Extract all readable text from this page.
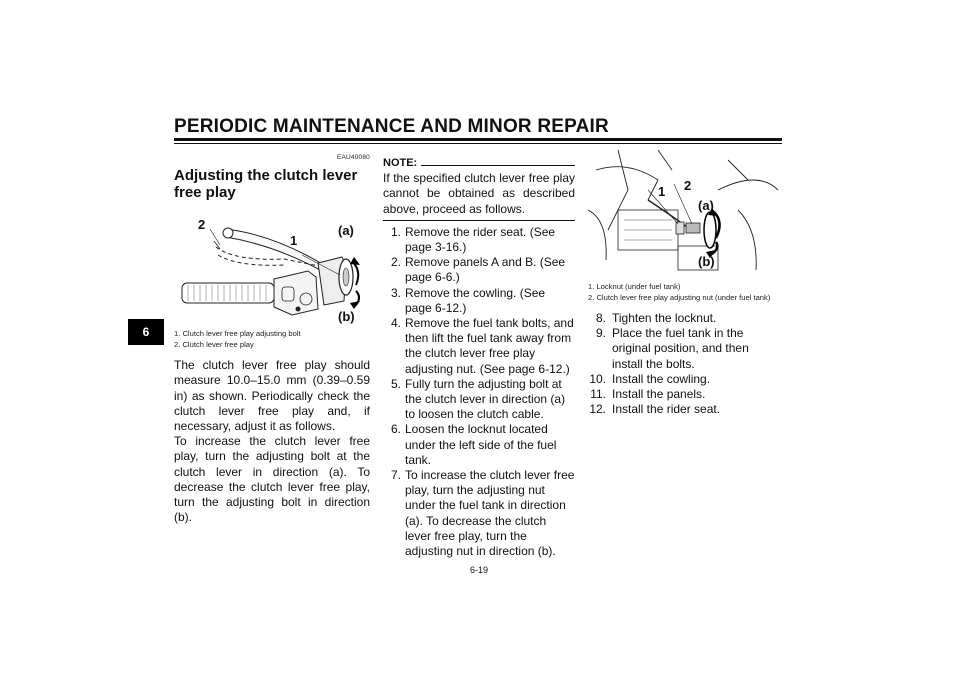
PERIODIC MAINTENANCE AND MINOR REPAIR
6
EAU40080
Adjusting the clutch lever free play
2
1
(a)
(b)
1. Clutch lever free play adjusting bolt
2. Clutch lever free play

The clutch lever free play should measure 10.0–15.0 mm (0.39–0.59 in) as shown. Periodically check the clutch lever free play and, if necessary, adjust it as follows.

To increase the clutch lever free play, turn the adjusting bolt at the clutch lever in direction (a). To decrease the clutch lever free play, turn the adjusting bolt in direction (b).

NOTE:

If the specified clutch lever free play cannot be obtained as described above, proceed as follows.

1. Remove the rider seat. (See page 3-16.)
2. Remove panels A and B. (See page 6-6.)
3. Remove the cowling. (See page 6-12.)
4. Remove the fuel tank bolts, and then lift the fuel tank away from the clutch lever free play adjusting nut. (See page 6-12.)
5. Fully turn the adjusting bolt at the clutch lever in direction (a) to loosen the clutch cable.
6. Loosen the locknut located under the left side of the fuel tank.
7. To increase the clutch lever free play, turn the adjusting nut under the fuel tank in direction (a). To decrease the clutch lever free play, turn the adjusting nut in direction (b).
1 2
(a)
(b)
1. Locknut (under fuel tank)
2. Clutch lever free play adjusting nut (under fuel tank)
8. Tighten the locknut.
9. Place the fuel tank in the original position, and then install the bolts.
10. Install the cowling.
11. Install the panels.
12. Install the rider seat.
6-19
